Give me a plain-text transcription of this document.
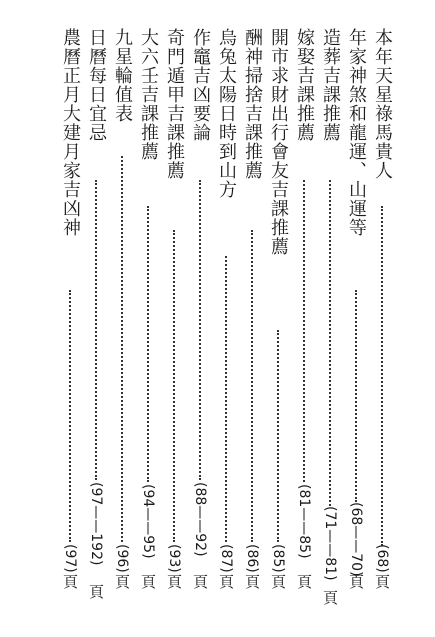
本年天星祿馬貴人
(68)
頁
年家神煞和龍運、山運等
(68——70)
頁
造葬吉課推薦
(71——81)
頁
嫁娶吉課推薦
(81——85)
頁
開市求財出行會友吉課推薦
(85)
頁
酬神掃捨吉課推薦
(86)
頁
烏兔太陽日時到山方
(87)
頁
作竈吉凶要論
(88——92)
頁
奇門遁甲吉課推薦
(93)
頁
大六壬吉課推薦
(94——95)
頁
九星輪值表
(96)
頁
日曆每日宜忌
(97——192)
頁
農曆正月大建月家吉凶神
(97)
頁
